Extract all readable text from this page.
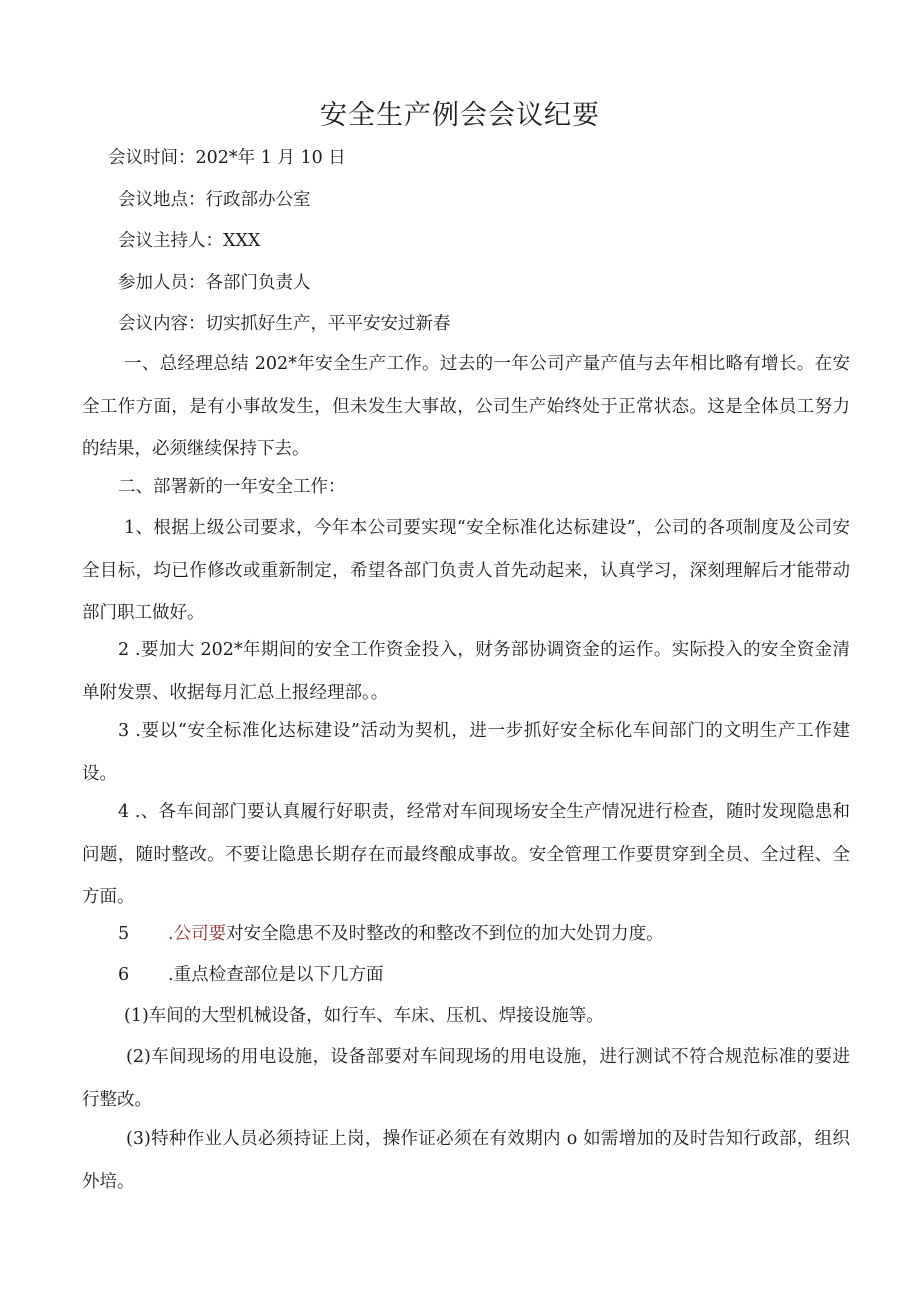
安全生产例会会议纪要
会议时间：202*年 1 月 10 日
会议地点：行政部办公室
会议主持人：XXX
参加人员：各部门负责人
会议内容：切实抓好生产，平平安安过新春
一、总经理总结 202*年安全生产工作。过去的一年公司产量产值与去年相比略有增长。在安全工作方面，是有小事故发生，但未发生大事故，公司生产始终处于正常状态。这是全体员工努力的结果，必须继续保持下去。
二、部署新的一年安全工作：
1、根据上级公司要求，今年本公司要实现“安全标准化达标建设”，公司的各项制度及公司安全目标，均已作修改或重新制定，希望各部门负责人首先动起来，认真学习，深刻理解后才能带动部门职工做好。
2 .要加大 202*年期间的安全工作资金投入，财务部协调资金的运作。实际投入的安全资金清单附发票、收据每月汇总上报经理部。。
3 .要以“安全标准化达标建设”活动为契机，进一步抓好安全标化车间部门的文明生产工作建设。
4 .、各车间部门要认真履行好职责，经常对车间现场安全生产情况进行检查，随时发现隐患和问题，随时整改。不要让隐患长期存在而最终酿成事故。安全管理工作要贯穿到全员、全过程、全方面。
5 .公司要对安全隐患不及时整改的和整改不到位的加大处罚力度。
6 .重点检查部位是以下几方面
(1)车间的大型机械设备，如行车、车床、压机、焊接设施等。
(2)车间现场的用电设施，设备部要对车间现场的用电设施，进行测试不符合规范标准的要进行整改。
(3)特种作业人员必须持证上岗，操作证必须在有效期内 o 如需增加的及时告知行政部，组织外培。
